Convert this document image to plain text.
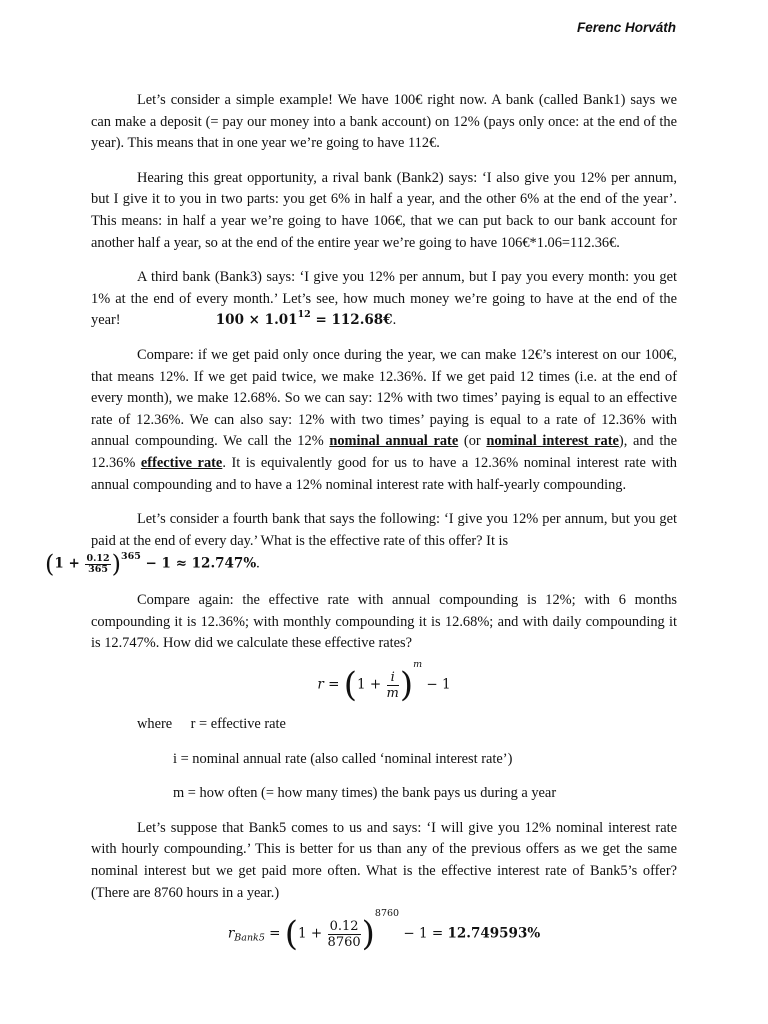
Ferenc Horváth

Let’s consider a simple example! We have 100€ right now. A bank (called Bank1) says we can make a deposit (= pay our money into a bank account) on 12% (pays only once: at the end of the year). This means that in one year we’re going to have 112€.

Hearing this great opportunity, a rival bank (Bank2) says: ‘I also give you 12% per annum, but I give it to you in two parts: you get 6% in half a year, and the other 6% at the end of the year’. This means: in half a year we’re going to have 106€, that we can put back to our bank account for another half a year, so at the end of the entire year we’re going to have 106€*1.06=112.36€.

A third bank (Bank3) says: ‘I give you 12% per annum, but I pay you every month: you get 1% at the end of every month.’ Let’s see, how much money we’re going to have at the end of the year!	$100 \times 1.01^{12}$ = 112.68€.

Compare: if we get paid only once during the year, we can make 12€’s interest on our 100€, that means 12%. If we get paid twice, we make 12.36%. If we get paid 12 times (i.e. at the end of every month), we make 12.68%. So we can say: 12% with two times’ paying is equal to an effective rate of 12.36%. We can also say: 12% with two times’ paying is equal to a rate of 12.36% with annual compounding. We call the 12% nominal annual rate (or nominal interest rate), and the 12.36% effective rate. It is equivalently good for us to have a 12.36% nominal interest rate with annual compounding and to have a 12% nominal interest rate with half-yearly compounding.

Let’s consider a fourth bank that says the following: ‘I give you 12% per annum, but you get paid at the end of every day.’ What is the effective rate of this offer? It is
$(1 + \frac{0.12}{365} )^{365} - 1 \approx 12.747\%$.

Compare again: the effective rate with annual compounding is 12%; with 6 months compounding it is 12.36%; with monthly compounding it is 12.68%; and with daily compounding it is 12.747%. How did we calculate these effective rates?

$r = (1 + \frac{i}{m} )^m - 1$

where r = effective rate

i = nominal annual rate (also called ‘nominal interest rate’)

m = how often (= how many times) the bank pays us during a year

Let’s suppose that Bank5 comes to us and says: ‘I will give you 12% nominal interest rate with hourly compounding.’ This is better for us than any of the previous offers as we get the same nominal interest but we get paid more often. What is the effective interest rate of Bank5’s offer? (There are 8760 hours in a year.)

$r_{Bank5} = (1 + \frac{0.12}{8760} )^{8760} - 1 = 12.749593\%$
